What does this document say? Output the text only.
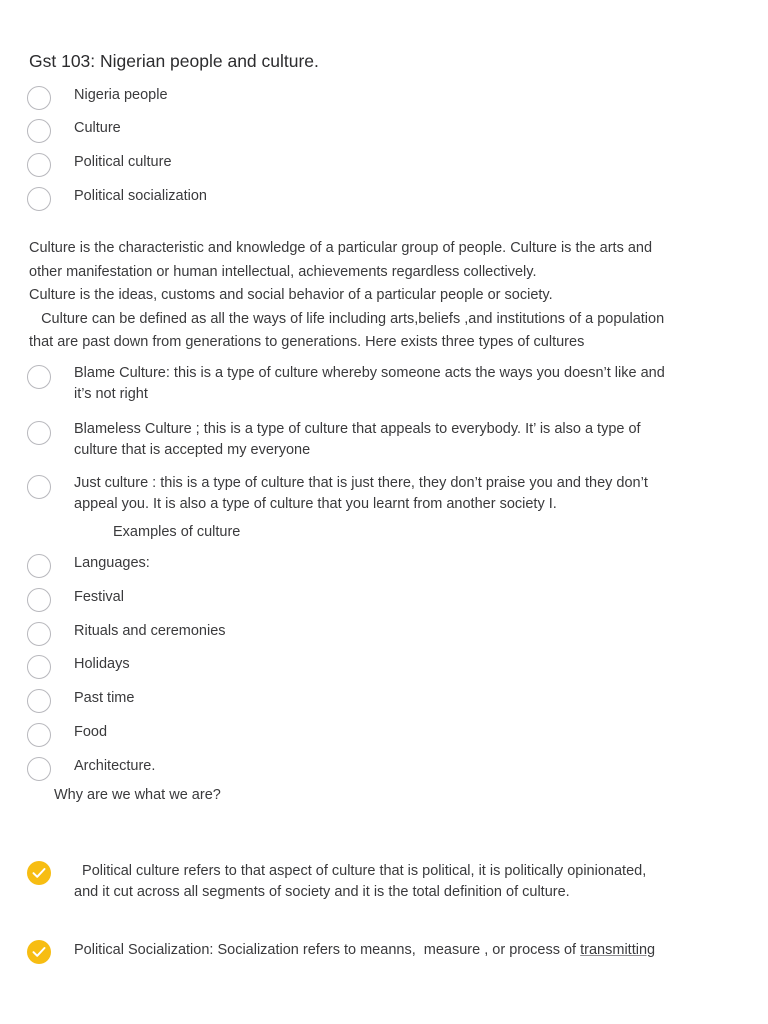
Gst 103: Nigerian people and culture.
Nigeria people
Culture
Political culture
Political socialization
Culture is the characteristic and knowledge of a particular group of people. Culture is the arts and
other manifestation or human intellectual, achievements regardless collectively.
Culture is the ideas, customs and social behavior of a particular people or society.
Culture can be defined as all the ways of life including arts,beliefs ,and institutions of a population
that are past down from generations to generations. Here exists three types of cultures
Blame Culture: this is a type of culture whereby someone acts the ways you doesn’t like and
it’s not right
Blameless Culture ; this is a type of culture that appeals to everybody. It’ is also a type of
culture that is accepted my everyone
Just culture : this is a type of culture that is just there, they don’t praise you and they don’t
appeal you. It is also a type of culture that you learnt from another society I.
Examples of culture
Languages:
Festival
Rituals and ceremonies
Holidays
Past time
Food
Architecture.
Why are we what we are?
Political culture refers to that aspect of culture that is political, it is politically opinionated,
and it cut across all segments of society and it is the total definition of culture.
Political Socialization: Socialization refers to meanns,  measure , or process of transmitting
